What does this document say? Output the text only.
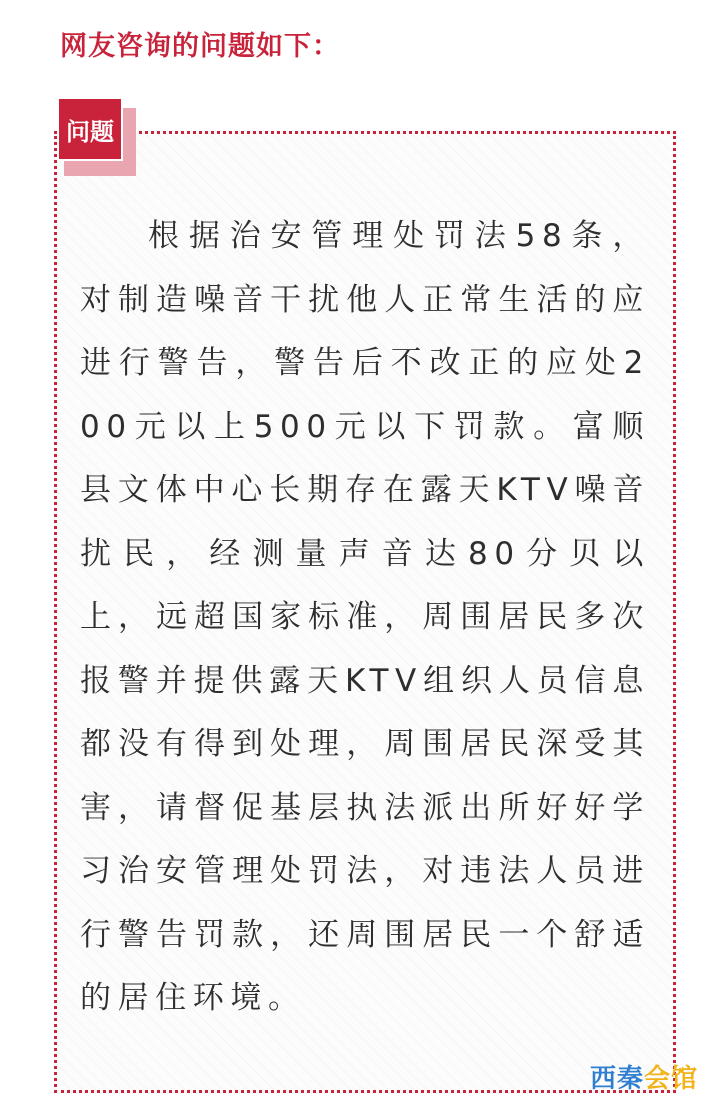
网友咨询的问题如下：
问题
根据治安管理处罚法58条，对制造噪音干扰他人正常生活的应进行警告，警告后不改正的应处200元以上500元以下罚款。富顺县文体中心长期存在露天KTV噪音扰民，经测量声音达80分贝以上，远超国家标准，周围居民多次报警并提供露天KTV组织人员信息都没有得到处理，周围居民深受其害，请督促基层执法派出所好好学习治安管理处罚法，对违法人员进行警告罚款，还周围居民一个舒适的居住环境。
西秦会馆
